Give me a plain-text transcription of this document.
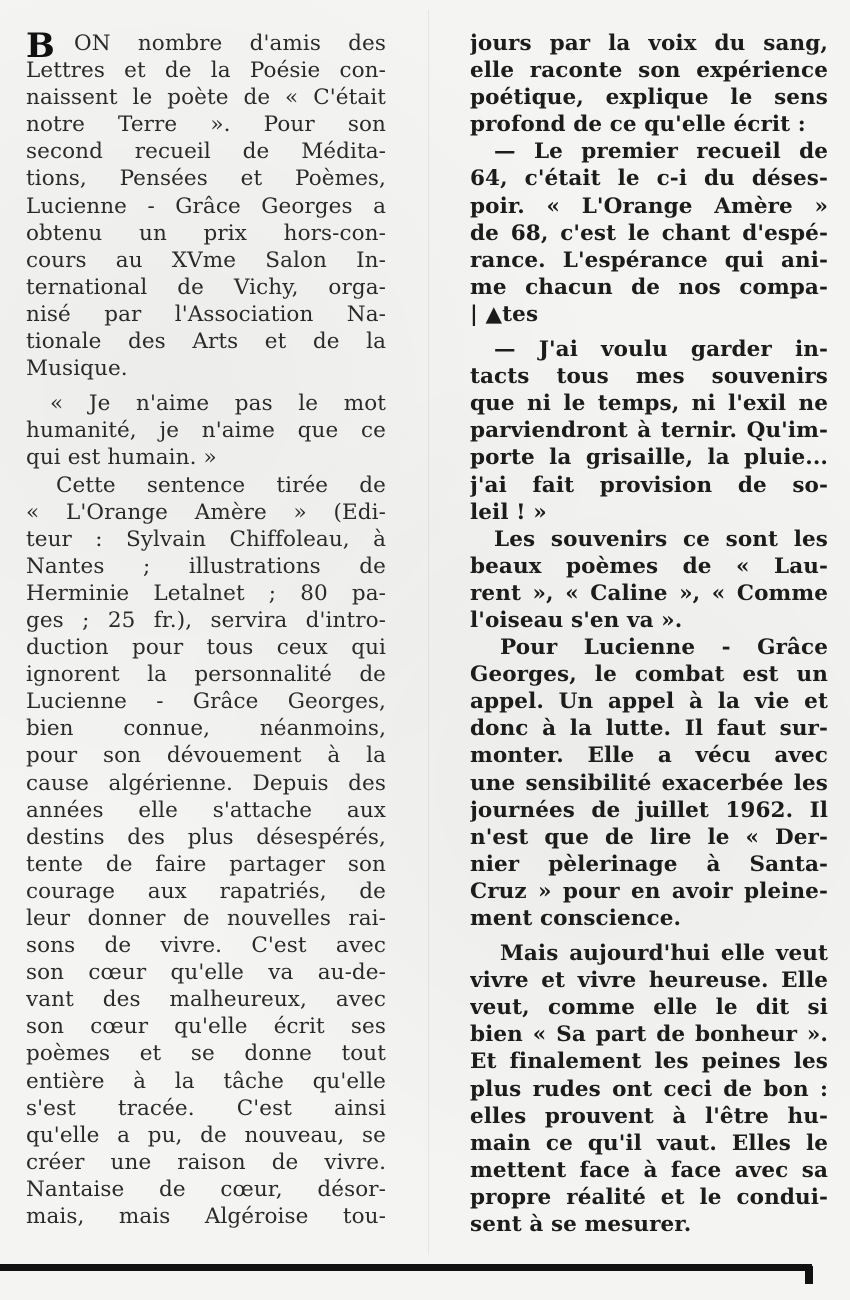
B ON nombre d'amis des
Lettres et de la Poésie con-
naissent le poète de « C'était
notre Terre ». Pour son
second recueil de Médita-
tions, Pensées et Poèmes,
Lucienne - Grâce Georges a
obtenu un prix hors-con-
cours au XVme Salon In-
ternational de Vichy, orga-
nisé par l'Association Na-
tionale des Arts et de la
Musique.
« Je n'aime pas le mot
humanité, je n'aime que ce
qui est humain. »
Cette sentence tirée de
« L'Orange Amère » (Edi-
teur : Sylvain Chiffoleau, à
Nantes ; illustrations de
Herminie Letalnet ; 80 pa-
ges ; 25 fr.), servira d'intro-
duction pour tous ceux qui
ignorent la personnalité de
Lucienne - Grâce Georges,
bien connue, néanmoins,
pour son dévouement à la
cause algérienne. Depuis des
années elle s'attache aux
destins des plus désespérés,
tente de faire partager son
courage aux rapatriés, de
leur donner de nouvelles rai-
sons de vivre. C'est avec
son cœur qu'elle va au-de-
vant des malheureux, avec
son cœur qu'elle écrit ses
poèmes et se donne tout
entière à la tâche qu'elle
s'est tracée. C'est ainsi
qu'elle a pu, de nouveau, se
créer une raison de vivre.
Nantaise de cœur, désor-
mais, mais Algéroise tou-
jours par la voix du sang,
elle raconte son expérience
poétique, explique le sens
profond de ce qu'elle écrit :
— Le premier recueil de
64, c'était le c-i du déses-
poir. « L'Orange Amère »
de 68, c'est le chant d'espé-
rance. L'espérance qui ani-
me chacun de nos compa-
| ▲tes
— J'ai voulu garder in-
tacts tous mes souvenirs
que ni le temps, ni l'exil ne
parviendront à ternir. Qu'im-
porte la grisaille, la pluie...
j'ai fait provision de so-
leil ! »
Les souvenirs ce sont les
beaux poèmes de « Lau-
rent », « Caline », « Comme
l'oiseau s'en va ».
Pour Lucienne - Grâce
Georges, le combat est un
appel. Un appel à la vie et
donc à la lutte. Il faut sur-
monter. Elle a vécu avec
une sensibilité exacerbée les
journées de juillet 1962. Il
n'est que de lire le « Der-
nier pèlerinage à Santa-
Cruz » pour en avoir pleine-
ment conscience.
Mais aujourd'hui elle veut
vivre et vivre heureuse. Elle
veut, comme elle le dit si
bien « Sa part de bonheur ».
Et finalement les peines les
plus rudes ont ceci de bon :
elles prouvent à l'être hu-
main ce qu'il vaut. Elles le
mettent face à face avec sa
propre réalité et le condui-
sent à se mesurer.
